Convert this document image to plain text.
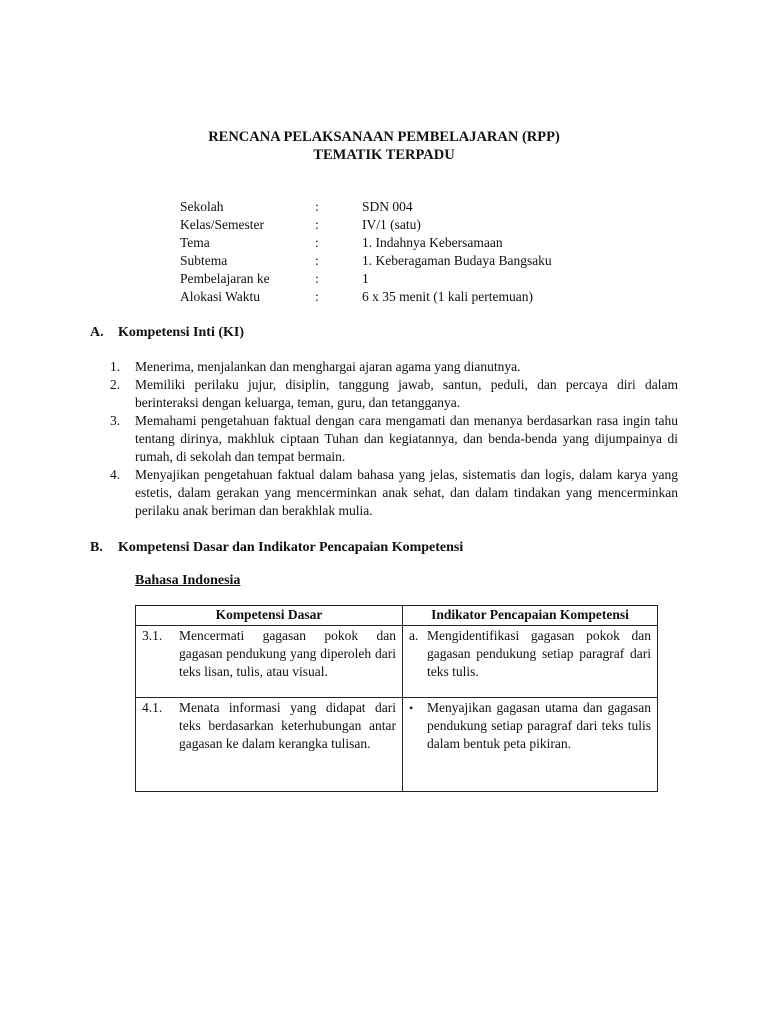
RENCANA PELAKSANAAN PEMBELAJARAN (RPP)
TEMATIK TERPADU
Sekolah	:	SDN 004
Kelas/Semester	:	IV/1 (satu)
Tema	:	1. Indahnya Kebersamaan
Subtema	:	1. Keberagaman Budaya Bangsaku
Pembelajaran ke	:	1
Alokasi Waktu	:	6 x 35 menit (1 kali pertemuan)
A. Kompetensi Inti (KI)
1. Menerima, menjalankan dan menghargai ajaran agama yang dianutnya.
2. Memiliki perilaku jujur, disiplin, tanggung jawab, santun, peduli, dan percaya diri dalam berinteraksi dengan keluarga, teman, guru, dan tetangganya.
3. Memahami pengetahuan faktual dengan cara mengamati dan menanya berdasarkan rasa ingin tahu tentang dirinya, makhluk ciptaan Tuhan dan kegiatannya, dan benda-benda yang dijumpainya di rumah, di sekolah dan tempat bermain.
4. Menyajikan pengetahuan faktual dalam bahasa yang jelas, sistematis dan logis, dalam karya yang estetis, dalam gerakan yang mencerminkan anak sehat, dan dalam tindakan yang mencerminkan perilaku anak beriman dan berakhlak mulia.
B. Kompetensi Dasar dan Indikator Pencapaian Kompetensi
Bahasa Indonesia
Kompetensi Dasar	Indikator Pencapaian Kompetensi

3.1. Mencermati gagasan pokok dan gagasan pendukung yang diperoleh dari teks lisan, tulis, atau visual.	a. Mengidentifikasi gagasan pokok dan gagasan pendukung setiap paragraf dari teks tulis.

4.1. Menata informasi yang didapat dari teks berdasarkan keterhubungan antar gagasan ke dalam kerangka tulisan.	• Menyajikan gagasan utama dan gagasan pendukung setiap paragraf dari teks tulis dalam bentuk peta pikiran.
